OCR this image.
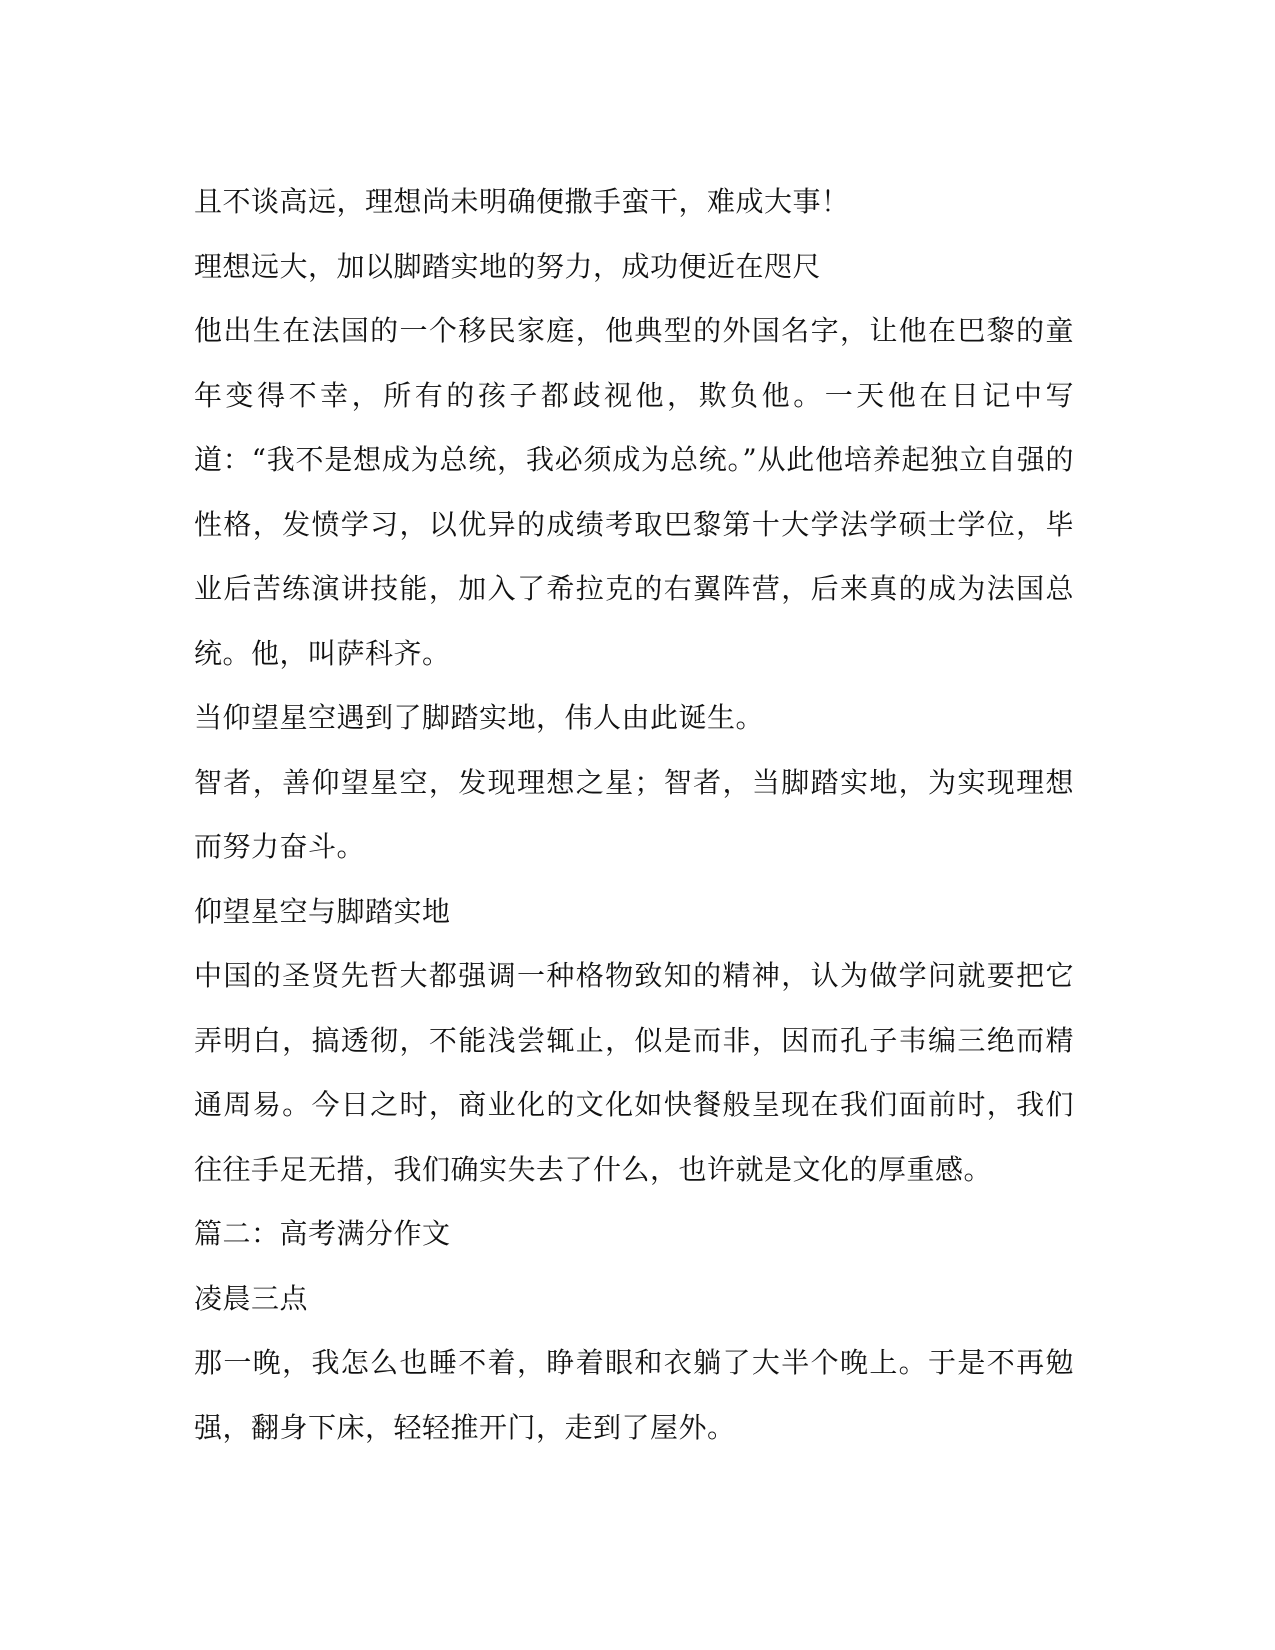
且不谈高远，理想尚未明确便撒手蛮干，难成大事！

理想远大，加以脚踏实地的努力，成功便近在咫尺

他出生在法国的一个移民家庭，他典型的外国名字，让他在巴黎的童年变得不幸，所有的孩子都歧视他，欺负他。一天他在日记中写道：“我不是想成为总统，我必须成为总统。”从此他培养起独立自强的性格，发愤学习，以优异的成绩考取巴黎第十大学法学硕士学位，毕业后苦练演讲技能，加入了希拉克的右翼阵营，后来真的成为法国总统。他，叫萨科齐。

当仰望星空遇到了脚踏实地，伟人由此诞生。

智者，善仰望星空，发现理想之星；智者，当脚踏实地，为实现理想而努力奋斗。

仰望星空与脚踏实地

中国的圣贤先哲大都强调一种格物致知的精神，认为做学问就要把它弄明白，搞透彻，不能浅尝辄止，似是而非，因而孔子韦编三绝而精通周易。今日之时，商业化的文化如快餐般呈现在我们面前时，我们往往手足无措，我们确实失去了什么，也许就是文化的厚重感。

篇二：高考满分作文

凌晨三点

那一晚，我怎么也睡不着，睁着眼和衣躺了大半个晚上。于是不再勉强，翻身下床，轻轻推开门，走到了屋外。
